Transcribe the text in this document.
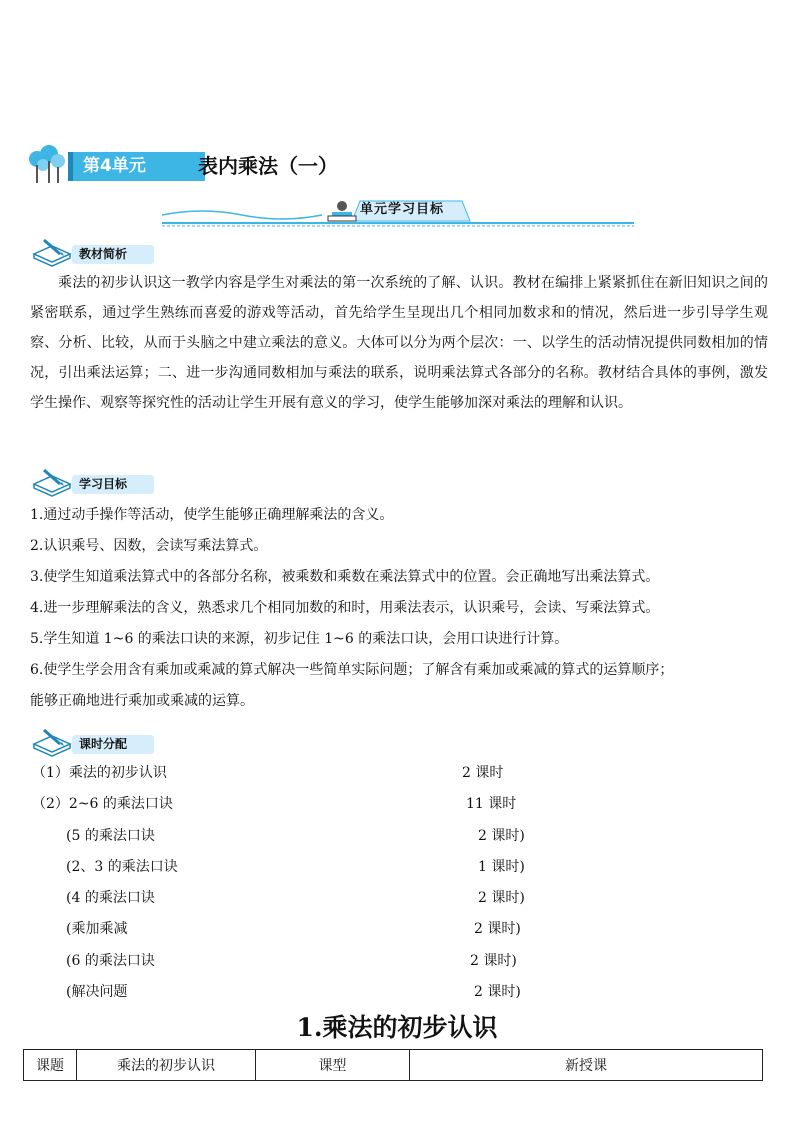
第4单元	表内乘法（一）
单元学习目标
教材简析
乘法的初步认识这一教学内容是学生对乘法的第一次系统的了解、认识。教材在编排上紧紧抓住在新旧知识之间的紧密联系，通过学生熟练而喜爱的游戏等活动，首先给学生呈现出几个相同加数求和的情况，然后进一步引导学生观察、分析、比较，从而于头脑之中建立乘法的意义。大体可以分为两个层次：一、以学生的活动情况提供同数相加的情况，引出乘法运算；二、进一步沟通同数相加与乘法的联系，说明乘法算式各部分的名称。教材结合具体的事例，激发学生操作、观察等探究性的活动让学生开展有意义的学习，使学生能够加深对乘法的理解和认识。
学习目标
1.通过动手操作等活动，使学生能够正确理解乘法的含义。
2.认识乘号、因数，会读写乘法算式。
3.使学生知道乘法算式中的各部分名称，被乘数和乘数在乘法算式中的位置。会正确地写出乘法算式。
4.进一步理解乘法的含义，熟悉求几个相同加数的和时，用乘法表示，认识乘号，会读、写乘法算式。
5.学生知道 1~6 的乘法口诀的来源，初步记住 1~6 的乘法口诀，会用口诀进行计算。
6.使学生学会用含有乘加或乘减的算式解决一些简单实际问题；了解含有乘加或乘减的算式的运算顺序；
能够正确地进行乘加或乘减的运算。
课时分配
（1）乘法的初步认识	2 课时
（2）2~6 的乘法口诀	11 课时
(5 的乘法口诀	2 课时)
(2、3 的乘法口诀	1 课时)
(4 的乘法口诀	2 课时)
(乘加乘减	2 课时)
(6 的乘法口诀	2 课时)
(解决问题	2 课时)
1.乘法的初步认识
课题	乘法的初步认识	课型	新授课
